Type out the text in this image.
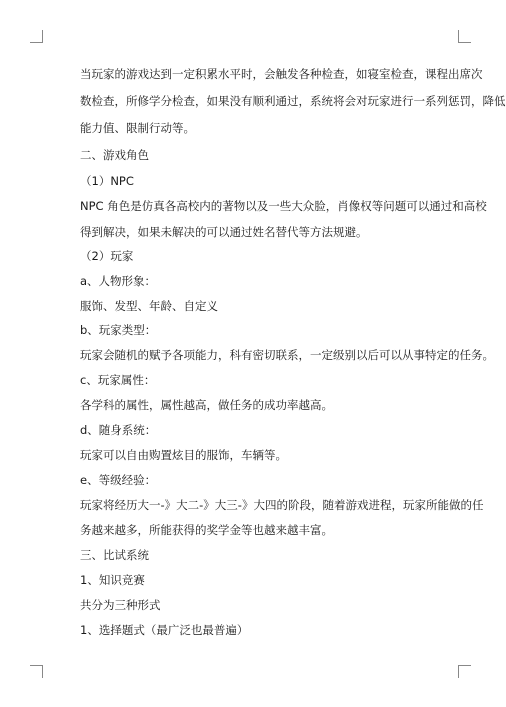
当玩家的游戏达到一定积累水平时，会触发各种检查，如寝室检查，课程出席次
数检查，所修学分检查，如果没有顺利通过，系统将会对玩家进行一系列惩罚，降低
能力值、限制行动等。
二、游戏角色
（1）NPC
NPC 角色是仿真各高校内的著物以及一些大众脸，肖像权等问题可以通过和高校
得到解决，如果未解决的可以通过姓名替代等方法规避。
（2）玩家
a、人物形象：
服饰、发型、年龄、自定义
b、玩家类型：
玩家会随机的赋予各项能力，科有密切联系，一定级别以后可以从事特定的任务。
c、玩家属性：
各学科的属性，属性越高，做任务的成功率越高。
d、随身系统：
玩家可以自由购置炫目的服饰，车辆等。
e、等级经验：
玩家将经历大一-》大二-》大三-》大四的阶段，随着游戏进程，玩家所能做的任
务越来越多，所能获得的奖学金等也越来越丰富。
三、比试系统
1、知识竞赛
共分为三种形式
1、选择题式（最广泛也最普遍）
